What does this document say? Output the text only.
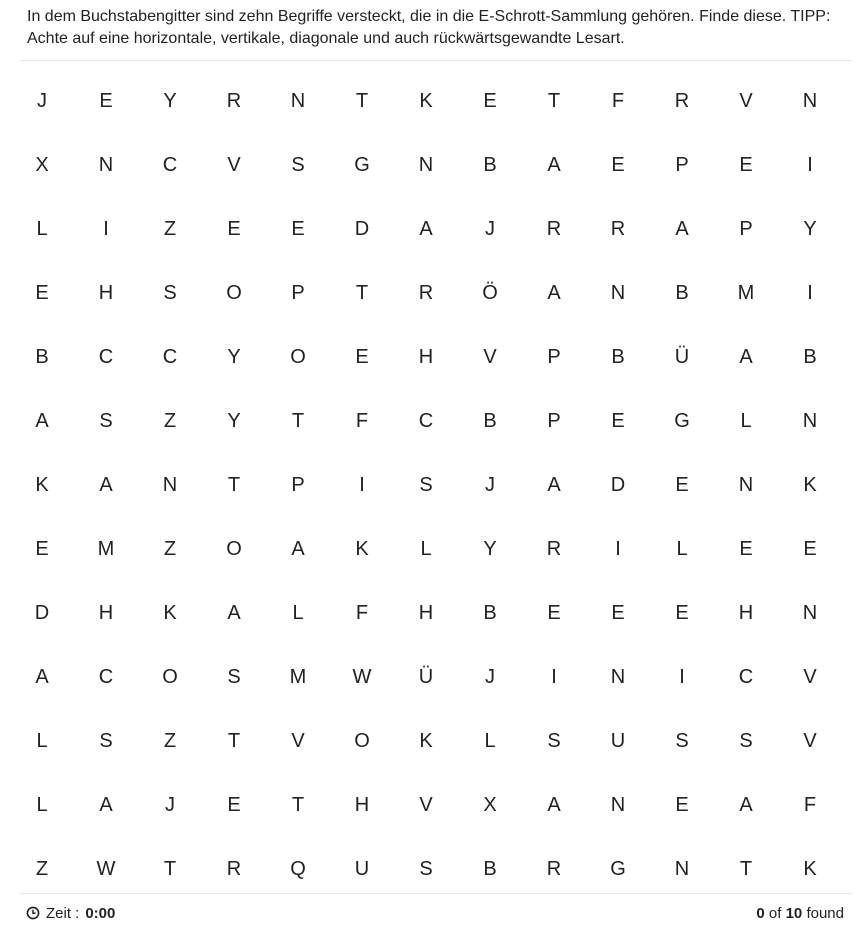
In dem Buchstabengitter sind zehn Begriffe versteckt, die in die E-Schrott-Sammlung gehören. Finde diese. TIPP: Achte auf eine horizontale, vertikale, diagonale und auch rückwärtsgewandte Lesart.
J	E	Y	R	N	T	K	E	T	F	R	V	N
X	N	C	V	S	G	N	B	A	E	P	E	I
L	I	Z	E	E	D	A	J	R	R	A	P	Y
E	H	S	O	P	T	R	Ö	A	N	B	M	I
B	C	C	Y	O	E	H	V	P	B	Ü	A	B
A	S	Z	Y	T	F	C	B	P	E	G	L	N
K	A	N	T	P	I	S	J	A	D	E	N	K
E	M	Z	O	A	K	L	Y	R	I	L	E	E
D	H	K	A	L	F	H	B	E	E	E	H	N
A	C	O	S	M	W	Ü	J	I	N	I	C	V
L	S	Z	T	V	O	K	L	S	U	S	S	V
L	A	J	E	T	H	V	X	A	N	E	A	F
Z	W	T	R	Q	U	S	B	R	G	N	T	K
Zeit : 0:00	0 of 10 found
